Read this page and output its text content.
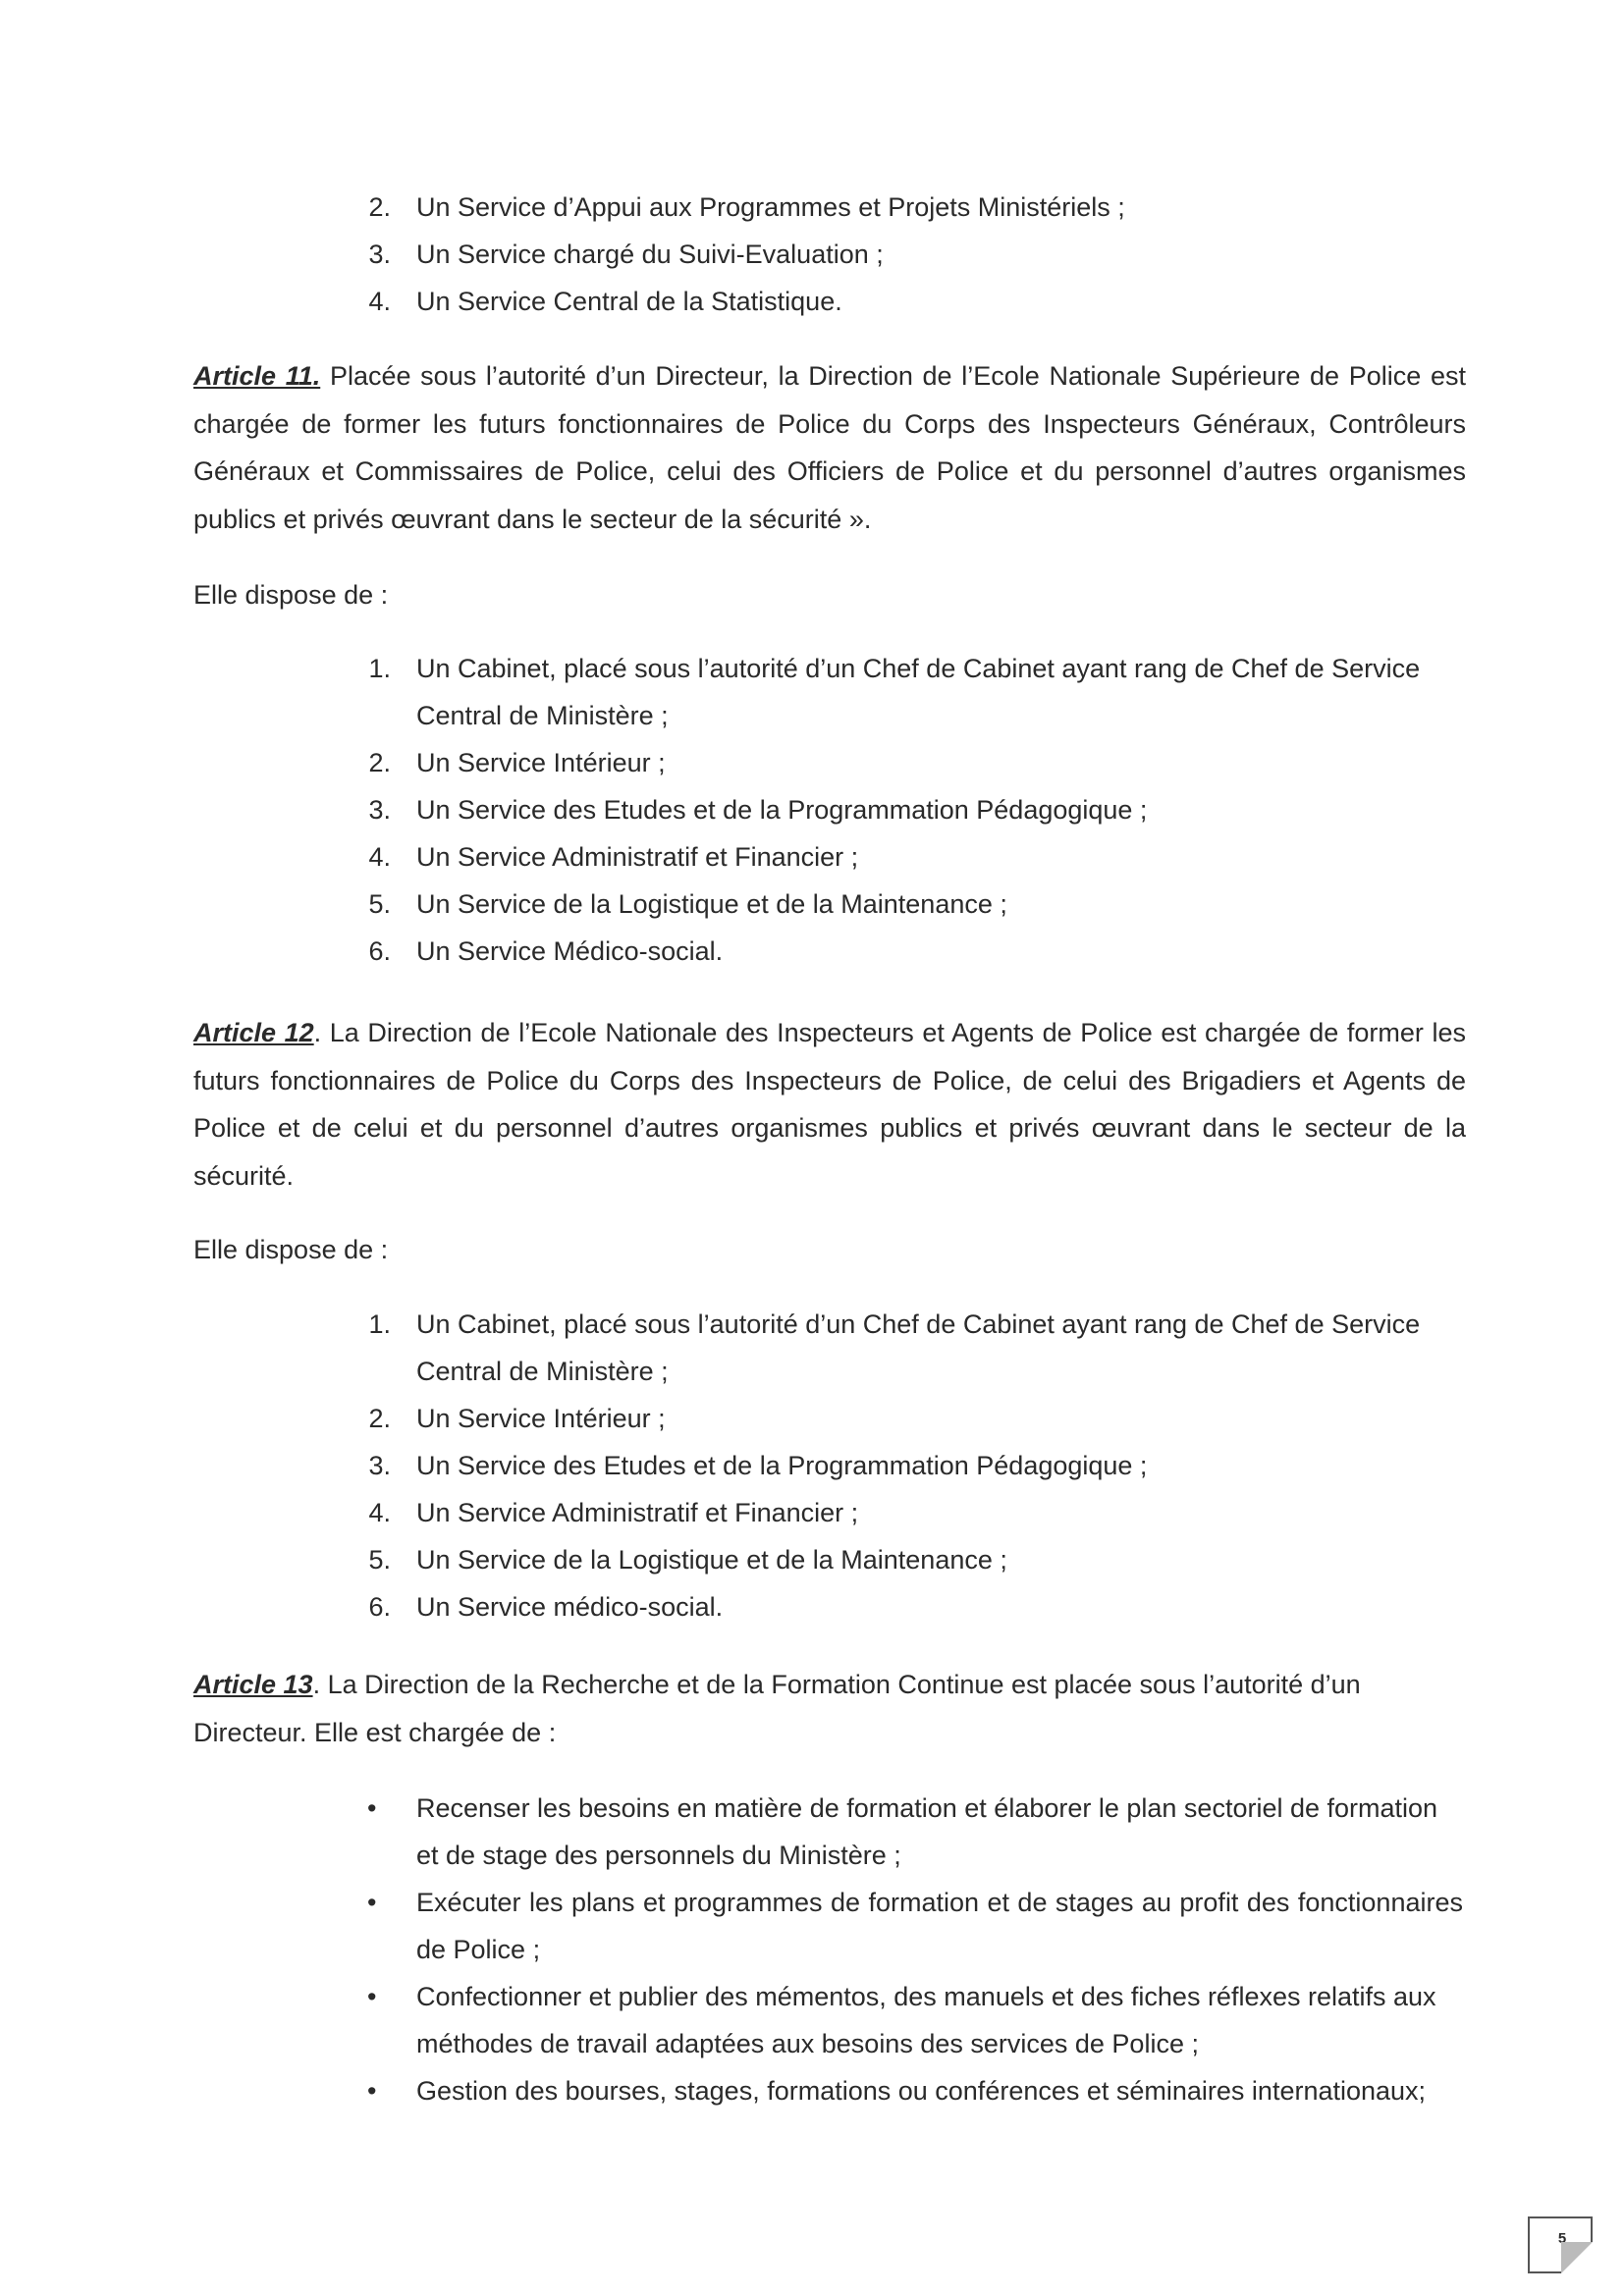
2. Un Service d’Appui aux Programmes et Projets Ministériels ;
3. Un Service chargé du Suivi-Evaluation ;
4. Un Service Central de la Statistique.

Article 11. Placée sous l’autorité d’un Directeur, la Direction de l’Ecole Nationale Supérieure de Police est chargée de former les futurs fonctionnaires de Police du Corps des Inspecteurs Généraux, Contrôleurs Généraux et Commissaires de Police, celui des Officiers de Police et du personnel d’autres organismes publics et privés œuvrant dans le secteur de la sécurité ».

Elle dispose de :

1. Un Cabinet, placé sous l’autorité d’un Chef de Cabinet ayant rang de Chef de Service Central de Ministère ;
2. Un Service Intérieur ;
3. Un Service des Etudes et de la Programmation Pédagogique ;
4. Un Service Administratif et Financier ;
5. Un Service de la Logistique et de la Maintenance ;
6. Un Service Médico-social.

Article 12. La Direction de l’Ecole Nationale des Inspecteurs et Agents de Police est chargée de former les futurs fonctionnaires de Police du Corps des Inspecteurs de Police, de celui des Brigadiers et Agents de Police et de celui et du personnel d’autres organismes publics et privés œuvrant dans le secteur de la sécurité.

Elle dispose de :

1. Un Cabinet, placé sous l’autorité d’un Chef de Cabinet ayant rang de Chef de Service Central de Ministère ;
2. Un Service Intérieur ;
3. Un Service des Etudes et de la Programmation Pédagogique ;
4. Un Service Administratif et Financier ;
5. Un Service de la Logistique et de la Maintenance ;
6. Un Service médico-social.

Article 13. La Direction de la Recherche et de la Formation Continue est placée sous l’autorité d’un Directeur. Elle est chargée de :

• Recenser les besoins en matière de formation et élaborer le plan sectoriel de formation et de stage des personnels du Ministère ;
• Exécuter les plans et programmes de formation et de stages au profit des fonctionnaires de Police ;
• Confectionner et publier des mémentos, des manuels et des fiches réflexes relatifs aux méthodes de travail adaptées aux besoins des services de Police ;
• Gestion des bourses, stages, formations ou conférences et séminaires internationaux;
5
